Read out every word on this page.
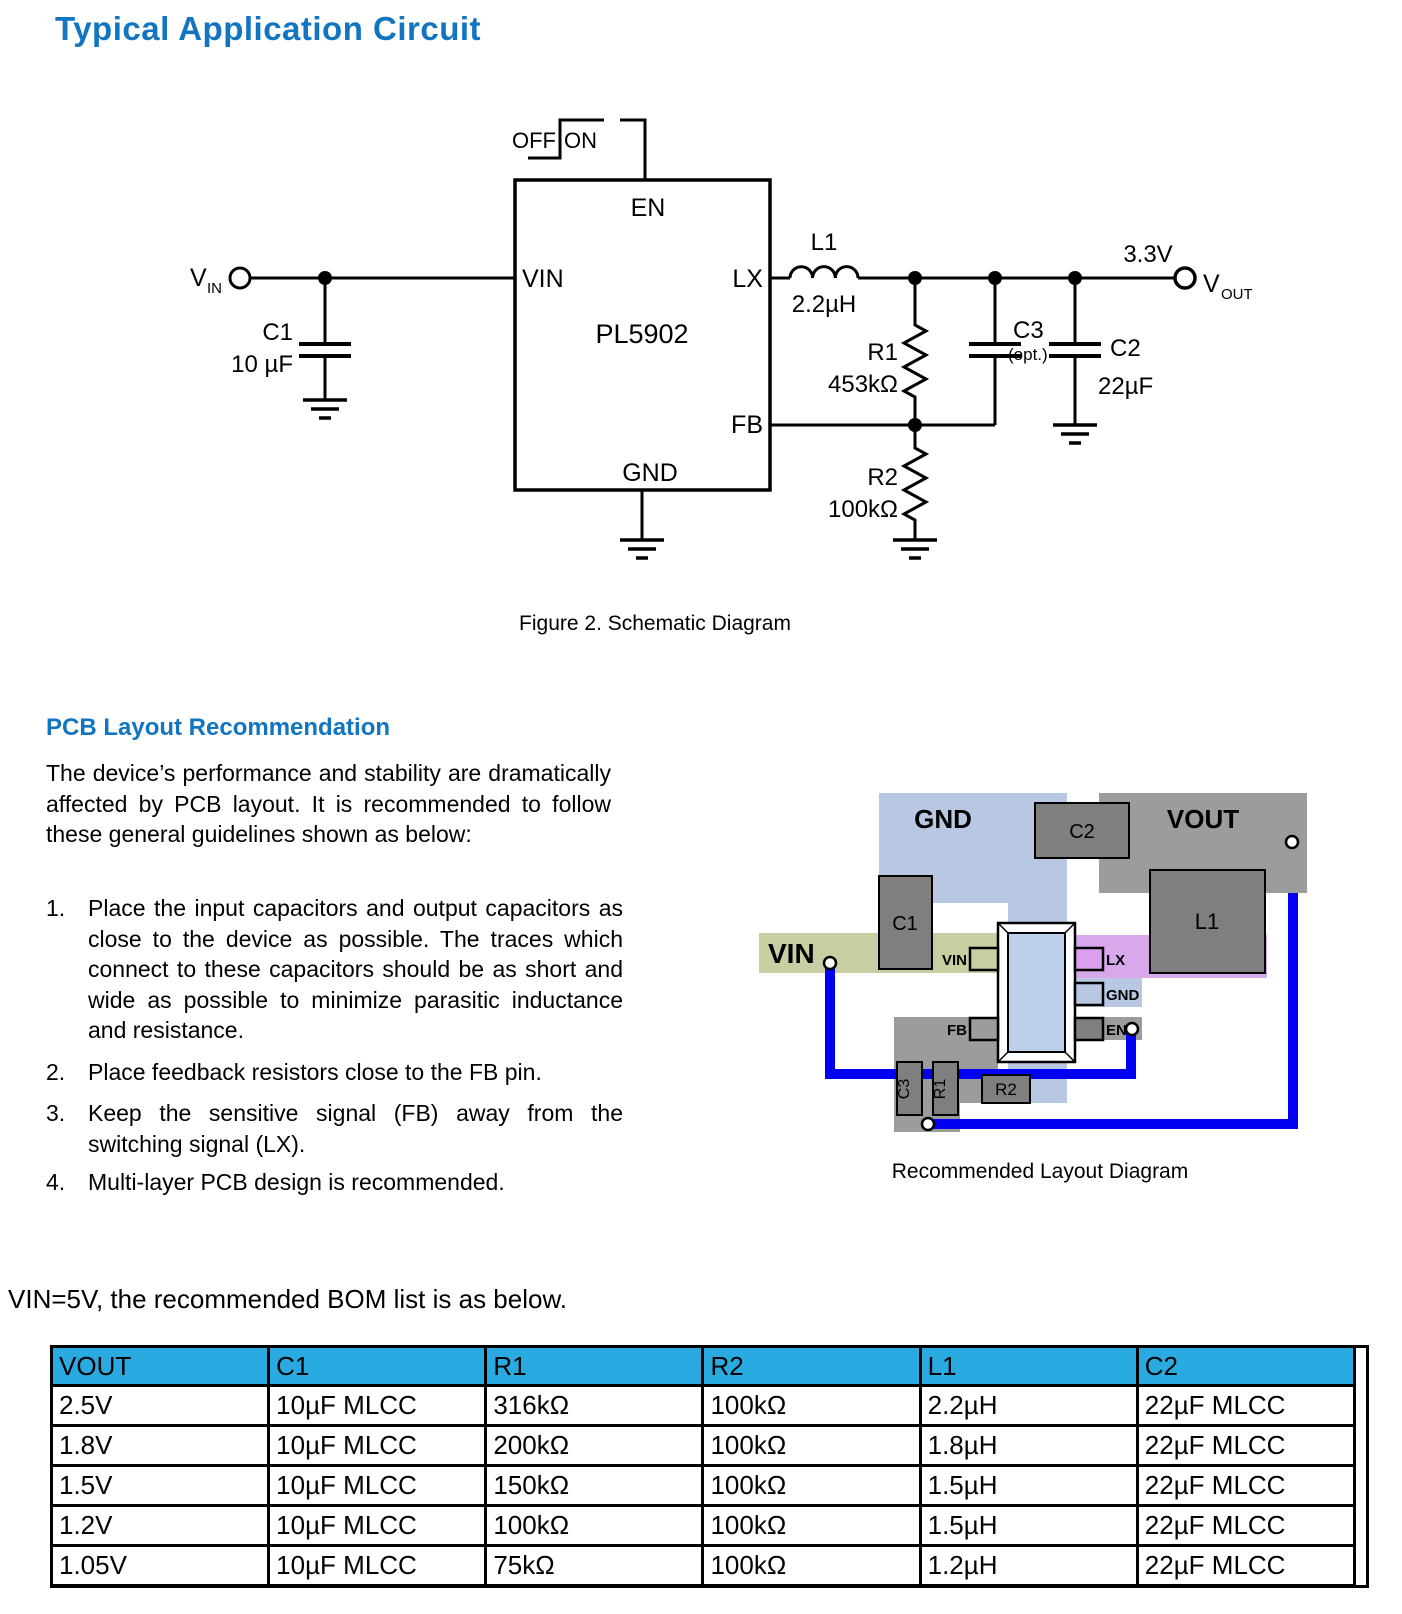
Typical Application Circuit
OFF ON
EN
VIN	LX
FB
GND
PL5902
V IN	V OUT
3.3V
C1
10 µF
L1
2.2µH
R1
453kΩ
R2
100kΩ
C3
(opt.)	C2
22µF
Figure 2. Schematic Diagram
PCB Layout Recommendation
The device’s performance and stability are dramatically affected by PCB layout. It is recommended to follow these general guidelines shown as below:
1. Place the input capacitors and output capacitors as close to the device as possible. The traces which connect to these capacitors should be as short and wide as possible to minimize parasitic inductance and resistance.
2. Place feedback resistors close to the FB pin.
3. Keep the sensitive signal (FB) away from the switching signal (LX).
4. Multi-layer PCB design is recommended.
GND	VOUT
VIN
C1
C2
L1
C3 R1	R2
VIN
FB
LX
GND
EN
Recommended Layout Diagram
VIN=5V, the recommended BOM list is as below.
VOUT	C1	R1	R2	L1	C2
2.5V	10µF MLCC	316kΩ	100kΩ	2.2µH	22µF MLCC
1.8V	10µF MLCC	200kΩ	100kΩ	1.8µH	22µF MLCC
1.5V	10µF MLCC	150kΩ	100kΩ	1.5µH	22µF MLCC
1.2V	10µF MLCC	100kΩ	100kΩ	1.5µH	22µF MLCC
1.05V	10µF MLCC	75kΩ	100kΩ	1.2µH	22µF MLCC
